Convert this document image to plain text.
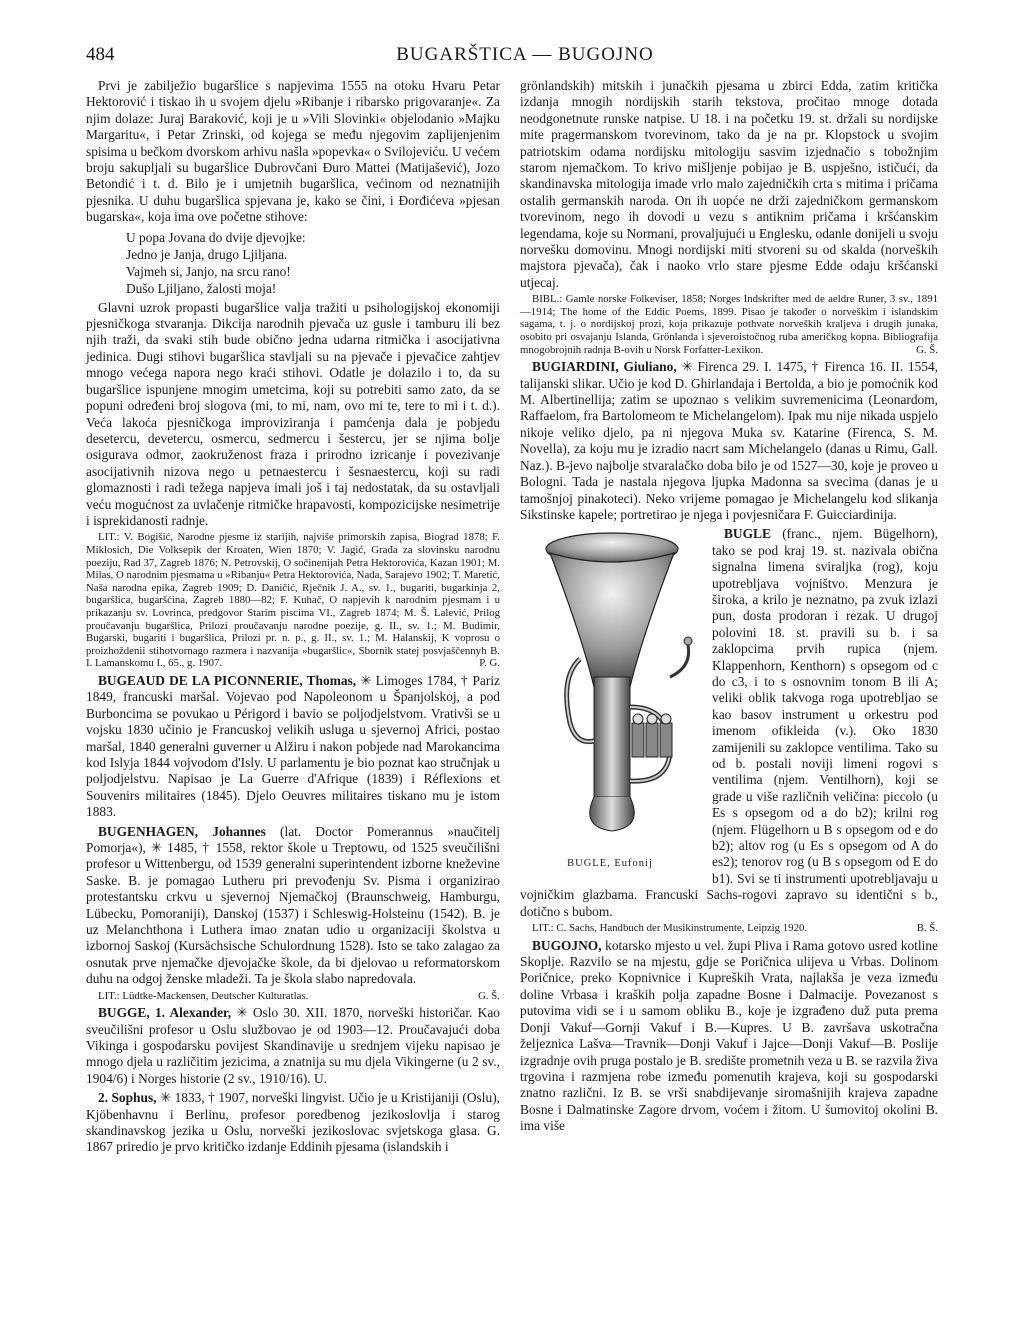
484	BUGARŠTICA — BUGOJNO

Prvi je zabilježio bugaršlice s napjevima 1555 na otoku Hvaru Petar Hektorović i tiskao ih u svojem djelu »Ribanje i ribarsko prigovaranje«. Za njim dolaze: Juraj Baraković, koji je u »Vili Slovinki« objelodanio »Majku Margaritu«, i Petar Zrinski, od kojega se među njegovim zaplijenjenim spisima u bečkom dvorskom arhivu našla »popevka« o Svilojeviću. U većem broju sakupljali su bugaršlice Dubrovčani Đuro Mattei (Matijašević), Jozo Betondić i t. d. Bilo je i umjetnih bugaršlica, većinom od neznatnijih pjesnika. U duhu bugaršlica spjevana je, kako se čini, i Đorđićeva »pjesan bugarska«, koja ima ove početne stihove:

U popa Jovana do dvije djevojke:
Jedno je Janja, drugo Ljiljana.
Vajmeh si, Janjo, na srcu rano!
Dušo Ljiljano, žalosti moja!

Glavni uzrok propasti bugaršlice valja tražiti u psihologijskoj ekonomiji pjesničkoga stvaranja. Dikcija narodnih pjevača uz gusle i tamburu ili bez njih traži, da svaki stih bude obično jedna udarna ritmička i asocijativna jedinica. Dugi stihovi bugaršlica stavljali su na pjevače i pjevačice zahtjev mnogo većega napora nego kraći stihovi. Odatle je dolazilo i to, da su bugaršlice ispunjene mnogim umetcima, koji su potrebiti samo zato, da se popuni određeni broj slogova (mi, to mi, nam, ovo mi te, tere to mi i t. d.). Veća lakoća pjesničkoga improviziranja i pamćenja dala je pobjedu desetercu, devetercu, osmercu, sedmercu i šestercu, jer se njima bolje osigurava odmor, zaokruženost fraza i prirodno izricanje i povezivanje asocijativnih nizova nego u petnaestercu i šesnaestercu, koji su radi glomaznosti i radi težega napjeva imali još i taj nedostatak, da su ostavljali veću mogućnost za uvlačenje ritmičke hrapavosti, kompozicijske nesimetrije i isprekidanosti radnje.

LIT.: V. Bogišić, Narodne pjesme iz starijih, najviše primorskih zapisa, Biograd 1878; F. Miklosich, Die Volksepik der Kroaten, Wien 1870; V. Jagić, Građa za slovinsku narodnu poeziju, Rad 37, Zagreb 1876; N. Petrovskij, O sočinenijah Petra Hektorovića, Kazan 1901; M. Milas, O narodnim pjesmama u »Ribanju« Petra Hektorovića, Nada, Sarajevo 1902; T. Maretić, Naša narodna epika, Zagreb 1909; D. Daničić, Rječnik J. A., sv. 1., bugariti, bugarkinja 2, bugaršlica, bugaršćina, Zagreb 1880—82; F. Kuhač, O napjevih k narodnim pjesmam i u prikazanju sv. Lovrinca, predgovor Starim piscima VI., Zagreb 1874; M. Š. Lalević, Prilog proučavanju bugaršlica, Prilozi proučavanju narodne poezije, g. II., sv. 1.; M. Budimir, Bugarski, bugariti i bugaršlica, Prilozi pr. n. p., g. II., sv. 1.; M. Halanskij, K voprosu o proizhoždenii stihotvornago razmera i nazvanija »bugaršlic«, Sbornik statej posvjaščennyh B. I. Lamanskomu I., 65., g. 1907.	P. G.

BUGEAUD DE LA PICONNERIE, Thomas, ✳ Limoges 1784, † Pariz 1849, francuski maršal. Vojevao pod Napoleonom u Španjolskoj, a pod Burboncima se povukao u Périgord i bavio se poljodjelstvom. Vrativši se u vojsku 1830 učinio je Francuskoj velikih usluga u sjevernoj Africi, postao maršal, 1840 generalni guverner u Alžiru i nakon pobjede nad Marokancima kod Islyja 1844 vojvodom d'Isly. U parlamentu je bio poznat kao stručnjak u poljodjelstvu. Napisao je La Guerre d'Afrique (1839) i Réflexions et Souvenirs militaires (1845). Djelo Oeuvres militaires tiskano mu je istom 1883.

BUGENHAGEN, Johannes (lat. Doctor Pomerannus »naučitelj Pomorja«), ✳ 1485, † 1558, rektor škole u Treptowu, od 1525 sveučilišni profesor u Wittenbergu, od 1539 generalni superintendent izborne kneževine Saske. B. je pomagao Lutheru pri prevođenju Sv. Pisma i organizirao protestantsku crkvu u sjevernoj Njemačkoj (Braunschweig, Hamburgu, Lübecku, Pomoraniji), Danskoj (1537) i Schleswig-Holsteinu (1542). B. je uz Melanchthona i Luthera imao znatan udio u organizaciji školstva u izbornoj Saskoj (Kursächsische Schulordnung 1528). Isto se tako zalagao za osnutak prve njemačke djevojačke škole, da bi djelovao u reformatorskom duhu na odgoj ženske mladeži. Ta je škola slabo napredovala.

LIT.: Lüdtke-Mackensen, Deutscher Kulturatlas.	G. Š.

BUGGE, 1. Alexander, ✳ Oslo 30. XII. 1870, norveški historičar. Kao sveučilišni profesor u Oslu službovao je od 1903—12. Proučavajući doba Vikinga i gospodarsku povijest Skandinavije u srednjem vijeku napisao je mnogo djela u različitim jezicima, a znatnija su mu djela Vikingerne (u 2 sv., 1904/6) i Norges historie (2 sv., 1910/16). U.

2. Sophus, ✳ 1833, † 1907, norveški lingvist. Učio je u Kristijaniji (Oslu), Kjöbenhavnu i Berlinu, profesor poredbenog jezikoslovlja i starog skandinavskog jezika u Oslu, norveški jezikoslovac svjetskoga glasa. G. 1867 priredio je prvo kritičko izdanje Eddinih pjesama (islandskih i

grönlandskih) mitskih i junačkih pjesama u zbirci Edda, zatim kritička izdanja mnogih nordijskih starih tekstova, pročitao mnoge dotada neodgonetnute runske natpise. U 18. i na početku 19. st. držali su nordijske mite pragermanskom tvorevinom, tako da je na pr. Klopstock u svojim patriotskim odama nordijsku mitologiju sasvim izjednačio s tobožnjim starom njemačkom. To krivo mišljenje pobijao je B. uspješno, ističući, da skandinavska mitologija imade vrlo malo zajedničkih crta s mitima i pričama ostalih germanskih naroda. On ih uopće ne drži zajedničkom germanskom tvorevinom, nego ih dovodi u vezu s antiknim pričama i kršćanskim legendama, koje su Normani, provaljujući u Englesku, odanle donijeli u svoju norvešku domovinu. Mnogi nordijski miti stvoreni su od skalda (norveških majstora pjevača), čak i naoko vrlo stare pjesme Edde odaju kršćanski utjecaj.

BIBL.: Gamle norske Folkeviser, 1858; Norges Indskrifter med de aeldre Runer, 3 sv., 1891—1914; The home of the Eddic Poems, 1899. Pisao je također o norveškim i islandskim sagama, t. j. o nordijskoj prozi, koja prikazuje pothvate norveških kraljeva i drugih junaka, osobito pri osvajanju Islanda, Grönlanda i sjeveroistočnog ruba američkog kopna. Bibliografija mnogobrojnih radnja B-ovih u Norsk Forfatter-Lexikon.	G. Š.

BUGIARDINI, Giuliano, ✳ Firenca 29. I. 1475, † Firenca 16. II. 1554, talijanski slikar. Učio je kod D. Ghirlandaja i Bertolda, a bio je pomoćnik kod M. Albertinellija; zatim se upoznao s velikim suvremenicima (Leonardom, Raffaelom, fra Bartolomeom te Michelangelom). Ipak mu nije nikada uspjelo nikoje veliko djelo, pa ni njegova Muka sv. Katarine (Firenca, S. M. Novella), za koju mu je izradio nacrt sam Michelangelo (danas u Rimu, Gall. Naz.). B-jevo najbolje stvaralačko doba bilo je od 1527—30, koje je proveo u Bologni. Tada je nastala njegova ljupka Madonna sa svecima (danas je u tamošnjoj pinakoteci). Neko vrijeme pomagao je Michelangelu kod slikanja Sikstinske kapele; portretirao je njega i povjesničara F. Guicciardinija.

BUGLE, Eufonij

BUGLE (franc., njem. Bügelhorn), tako se pod kraj 19. st. nazivala obična signalna limena sviraljka (rog), koju upotrebljava vojništvo. Menzura je široka, a krilo je neznatno, pa zvuk izlazi pun, dosta prodoran i rezak. U drugoj polovini 18. st. pravili su b. i sa zaklopcima prvih rupica (njem. Klappenhorn, Kenthorn) s opsegom od c do c3, i to s osnovnim tonom B ili A; veliki oblik takvoga roga upotrebljao se kao basov instrument u orkestru pod imenom ofikleida (v.). Oko 1830 zamijenili su zaklopce ventilima. Tako su od b. postali noviji limeni rogovi s ventilima (njem. Ventilhorn), koji se grade u više različnih veličina: piccolo (u Es s opsegom od a do b2); krilni rog (njem. Flügelhorn u B s opsegom od e do b2); altov rog (u Es s opsegom od A do es2); tenorov rog (u B s opsegom od E do b1). Svi se ti instrumenti upotrebljavaju u vojničkim glazbama. Francuski Sachs-rogovi zapravo su identični s b., dotično s bubom.

LIT.: C. Sachs, Handbuch der Musikinstrumente, Leipzig 1920.	B. Š.

BUGOJNO, kotarsko mjesto u vel. župi Pliva i Rama gotovo usred kotline Skoplje. Razvilo se na mjestu, gdje se Poričnica ulijeva u Vrbas. Dolinom Poričnice, preko Kopnivnice i Kupreških Vrata, najlakša je veza između doline Vrbasa i kraških polja zapadne Bosne i Dalmacije. Povezanost s putovima vidi se i u samom obliku B., koje je izgrađeno duž puta prema Donji Vakuf—Gornji Vakuf i B.—Kupres. U B. završava uskotračna željeznica Lašva—Travnik—Donji Vakuf i Jajce—Donji Vakuf—B. Poslije izgradnje ovih pruga postalo je B. središte prometnih veza u B. se razvila živa trgovina i razmjena robe između pomenutih krajeva, koji su gospodarski znatno različni. Iz B. se vrši snabdijevanje siromašnijih krajeva zapadne Bosne i Dalmatinske Zagore drvom, voćem i žitom. U šumovitoj okolini B. ima više
